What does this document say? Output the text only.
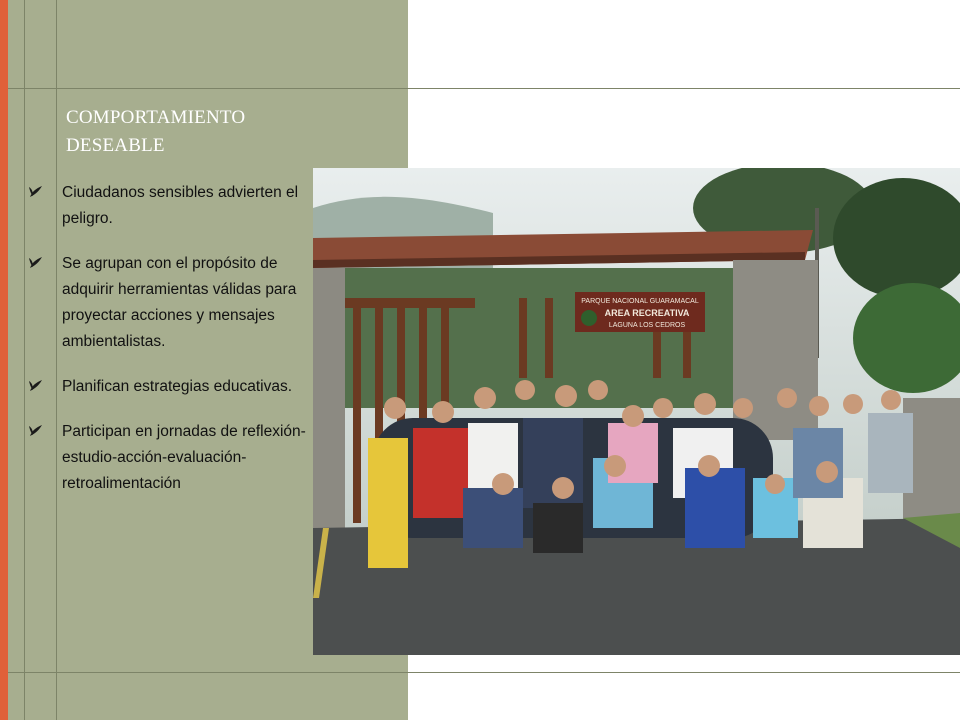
COMPORTAMIENTO
DESEABLE
Ciudadanos sensibles advierten el peligro.
Se agrupan con el propósito de adquirir herramientas válidas para proyectar acciones y mensajes ambientalistas.
Planifican estrategias educativas.
Participan en jornadas de reflexión-estudio-acción-evaluación-retroalimentación
PARQUE NACIONAL GUARAMACAL
AREA RECREATIVA
LAGUNA LOS CEDROS
